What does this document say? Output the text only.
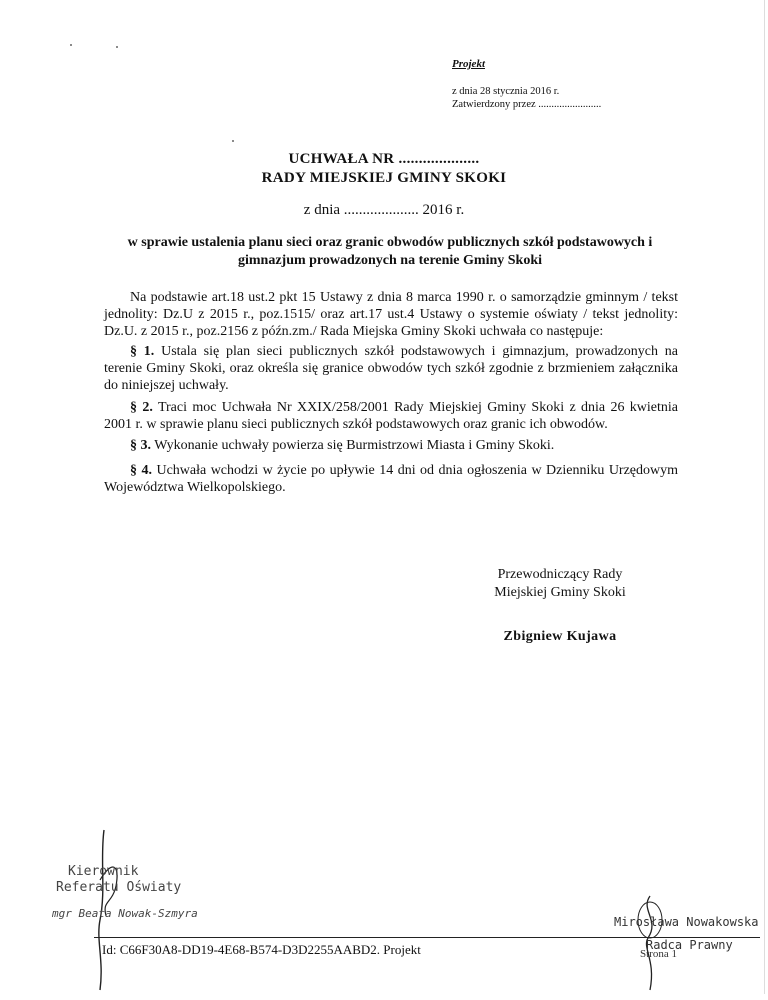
Projekt
z dnia 28 stycznia 2016 r.
Zatwierdzony przez ........................
UCHWAŁA NR ....................
RADY MIEJSKIEJ GMINY SKOKI
z dnia .................... 2016 r.
w sprawie ustalenia planu sieci oraz granic obwodów publicznych szkół podstawowych i gimnazjum prowadzonych na terenie Gminy Skoki
Na podstawie art.18 ust.2 pkt 15 Ustawy z dnia 8 marca 1990 r. o samorządzie gminnym / tekst jednolity: Dz.U z 2015 r., poz.1515/ oraz art.17 ust.4 Ustawy o systemie oświaty / tekst jednolity: Dz.U. z 2015 r., poz.2156 z późn.zm./ Rada Miejska Gminy Skoki uchwała co następuje:
§ 1. Ustala się plan sieci publicznych szkół podstawowych i gimnazjum, prowadzonych na terenie Gminy Skoki, oraz określa się granice obwodów tych szkół zgodnie z brzmieniem załącznika do niniejszej uchwały.
§ 2. Traci moc Uchwała Nr XXIX/258/2001 Rady Miejskiej Gminy Skoki z dnia 26 kwietnia 2001 r. w sprawie planu sieci publicznych szkół podstawowych oraz granic ich obwodów.
§ 3. Wykonanie uchwały powierza się Burmistrzowi Miasta i Gminy Skoki.
§ 4. Uchwała wchodzi w życie po upływie 14 dni od dnia ogłoszenia w Dzienniku Urzędowym Województwa Wielkopolskiego.
Przewodniczący Rady
Miejskiej Gminy Skoki
Zbigniew Kujawa
Kierownik
Referatu Oświaty
mgr Beata Nowak-Szmyra
Mirosława Nowakowska
Radca Prawny
Id: C66F30A8-DD19-4E68-B574-D3D2255AABD2. Projekt	Strona 1
